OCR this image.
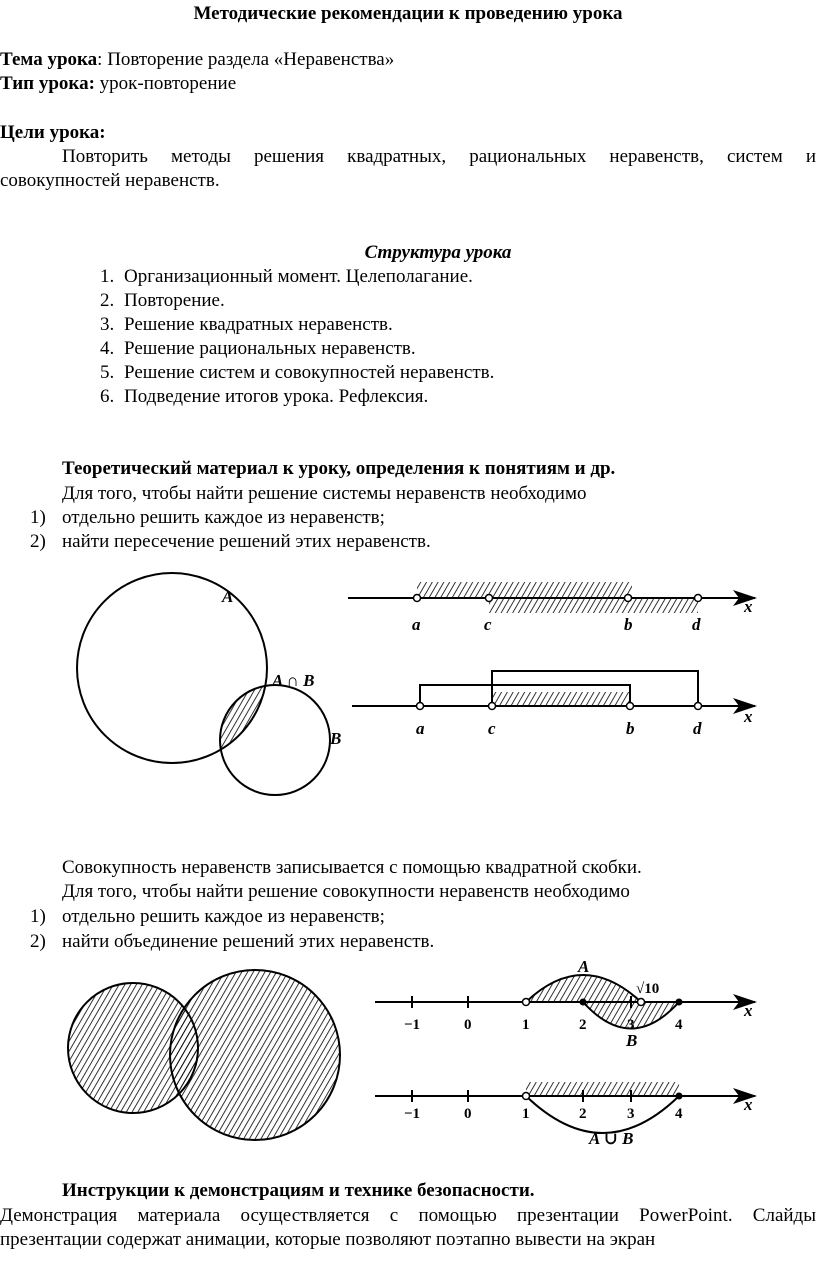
Методические рекомендации к проведению урока
Тема урока: Повторение раздела «Неравенства»
Тип урока: урок-повторение
Цели урока:
Повторить методы решения квадратных, рациональных неравенств, систем и
совокупностей неравенств.
Структура урока
1. Организационный момент. Целеполагание.
2. Повторение.
3. Решение квадратных неравенств.
4. Решение рациональных неравенств.
5. Решение систем и совокупностей неравенств.
6. Подведение итогов урока. Рефлексия.
Теоретический материал к уроку, определения к понятиям и др.
Для того, чтобы найти решение системы неравенств необходимо
1) отдельно решить каждое из неравенств;
2) найти пересечение решений этих неравенств.
Совокупность неравенств записывается с помощью квадратной скобки.
Для того, чтобы найти решение совокупности неравенств необходимо
1) отдельно решить каждое из неравенств;
2) найти объединение решений этих неравенств.
Инструкции к демонстрациям и технике безопасности.
Демонстрация материала осуществляется с помощью презентации PowerPoint. Слайды
презентации содержат анимации, которые позволяют поэтапно вывести на экран
A
A ∩ B
B
a	c	b	d
x
a	c	b	d
x
−1	0	1	2	3	4
√10
A
B
x
−1	0	1	2	3	4
A ∪ B
x
